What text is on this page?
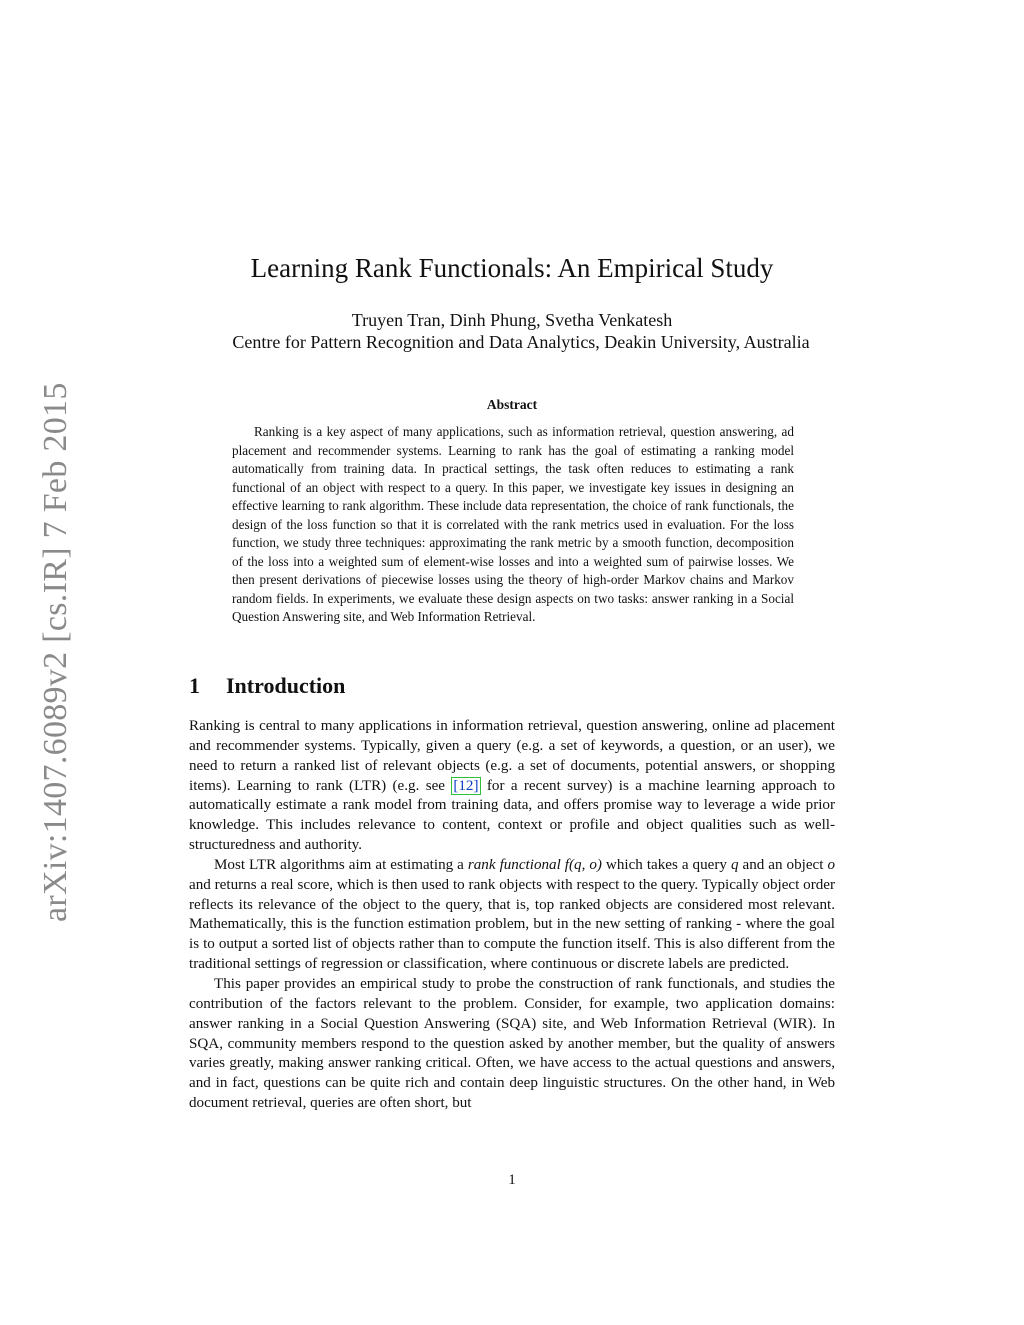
arXiv:1407.6089v2 [cs.IR] 7 Feb 2015
Learning Rank Functionals: An Empirical Study
Truyen Tran, Dinh Phung, Svetha Venkatesh
Centre for Pattern Recognition and Data Analytics, Deakin University, Australia
Abstract
Ranking is a key aspect of many applications, such as information retrieval, question answering, ad placement and recommender systems. Learning to rank has the goal of estimating a ranking model automatically from training data. In practical settings, the task often reduces to estimating a rank functional of an object with respect to a query. In this paper, we investigate key issues in designing an effective learning to rank algorithm. These include data representation, the choice of rank functionals, the design of the loss function so that it is correlated with the rank metrics used in evaluation. For the loss function, we study three techniques: approximating the rank metric by a smooth function, decomposition of the loss into a weighted sum of element-wise losses and into a weighted sum of pairwise losses. We then present derivations of piecewise losses using the theory of high-order Markov chains and Markov random fields. In experiments, we evaluate these design aspects on two tasks: answer ranking in a Social Question Answering site, and Web Information Retrieval.
1 Introduction

Ranking is central to many applications in information retrieval, question answering, online ad placement and recommender systems. Typically, given a query (e.g. a set of keywords, a question, or an user), we need to return a ranked list of relevant objects (e.g. a set of documents, potential answers, or shopping items). Learning to rank (LTR) (e.g. see [12] for a recent survey) is a machine learning approach to automatically estimate a rank model from training data, and offers promise way to leverage a wide prior knowledge. This includes relevance to content, context or profile and object qualities such as well-structuredness and authority.

Most LTR algorithms aim at estimating a rank functional f(q, o) which takes a query q and an object o and returns a real score, which is then used to rank objects with respect to the query. Typically object order reflects its relevance of the object to the query, that is, top ranked objects are considered most relevant. Mathematically, this is the function estimation problem, but in the new setting of ranking - where the goal is to output a sorted list of objects rather than to compute the function itself. This is also different from the traditional settings of regression or classification, where continuous or discrete labels are predicted.

This paper provides an empirical study to probe the construction of rank functionals, and studies the contribution of the factors relevant to the problem. Consider, for example, two application domains: answer ranking in a Social Question Answering (SQA) site, and Web Information Retrieval (WIR). In SQA, community members respond to the question asked by another member, but the quality of answers varies greatly, making answer ranking critical. Often, we have access to the actual questions and answers, and in fact, questions can be quite rich and contain deep linguistic structures. On the other hand, in Web document retrieval, queries are often short, but

1
